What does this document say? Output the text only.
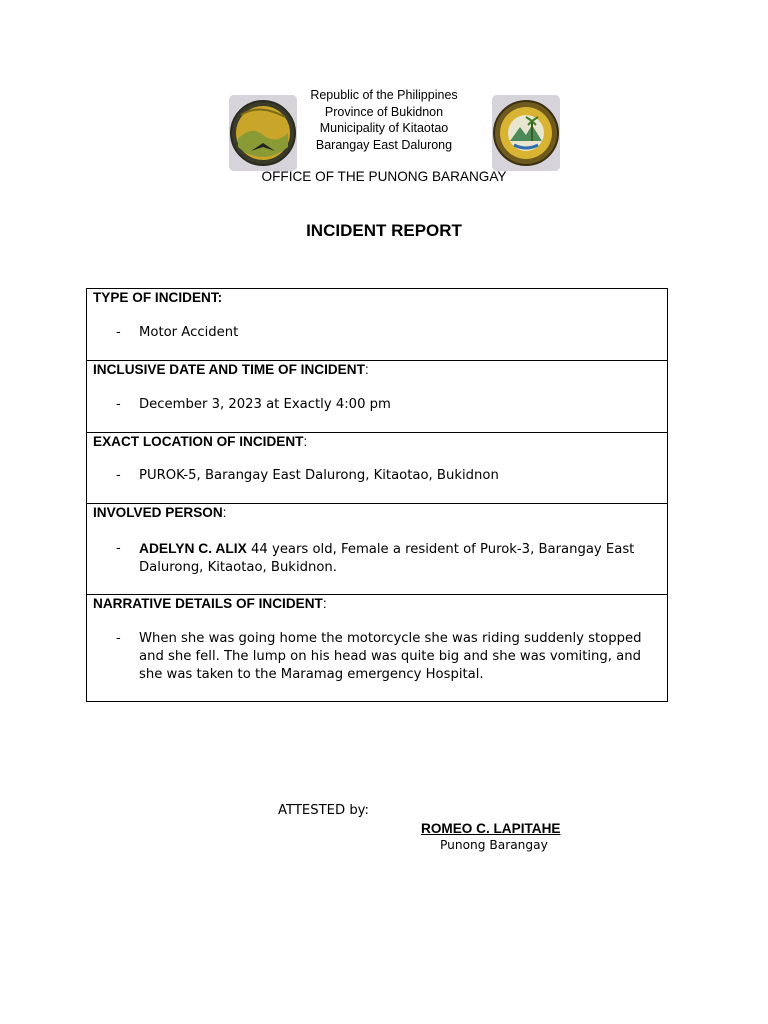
Republic of the Philippines
Province of Bukidnon
Municipality of Kitaotao
Barangay East Dalurong
OFFICE OF THE PUNONG BARANGAY
INCIDENT REPORT
TYPE OF INCIDENT:
- Motor Accident
INCLUSIVE DATE AND TIME OF INCIDENT:
- December 3, 2023 at Exactly 4:00 pm
EXACT LOCATION OF INCIDENT:
- PUROK-5, Barangay East Dalurong, Kitaotao, Bukidnon
INVOLVED PERSON:
- ADELYN C. ALIX 44 years old, Female a resident of Purok-3, Barangay East Dalurong, Kitaotao, Bukidnon.
NARRATIVE DETAILS OF INCIDENT:
- When she was going home the motorcycle she was riding suddenly stopped and she fell. The lump on his head was quite big and she was vomiting, and she was taken to the Maramag emergency Hospital.
ATTESTED by:
ROMEO C. LAPITAHE
Punong Barangay
